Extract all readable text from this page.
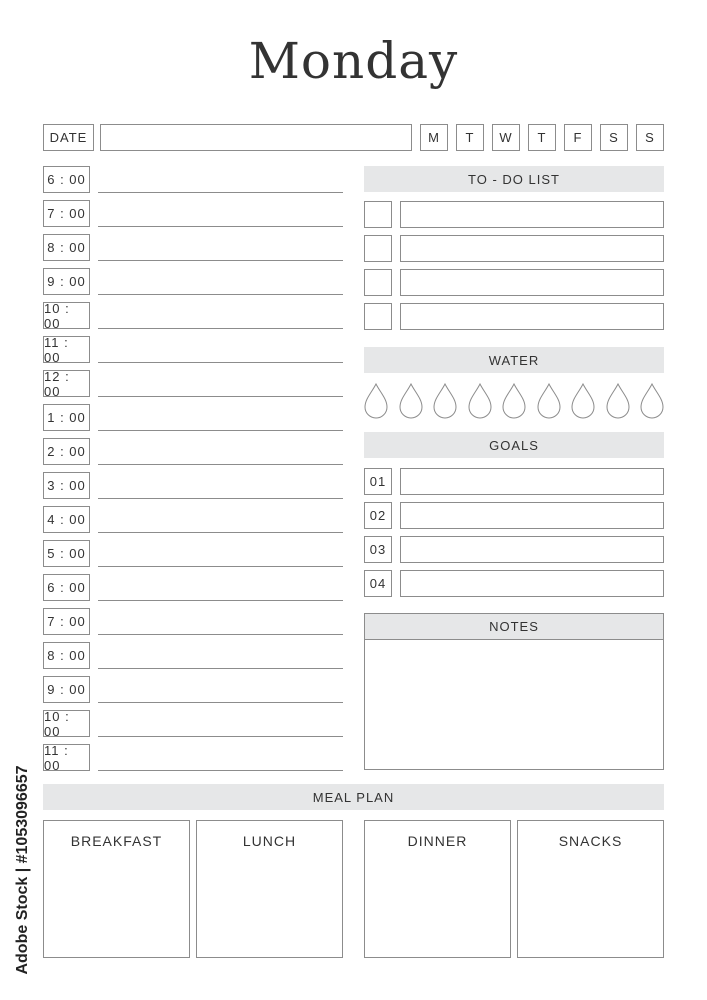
Monday
DATE	M	T	W	T	F	S	S
6 : 00
7 : 00
8 : 00
9 : 00
10 : 00
11 : 00
12 : 00
1 : 00
2 : 00
3 : 00
4 : 00
5 : 00
6 : 00
7 : 00
8 : 00
9 : 00
10 : 00
11 : 00
TO - DO LIST
WATER
GOALS
01
02
03
04
NOTES
MEAL PLAN
BREAKFAST	LUNCH	DINNER	SNACKS
Adobe Stock | #1053096657
